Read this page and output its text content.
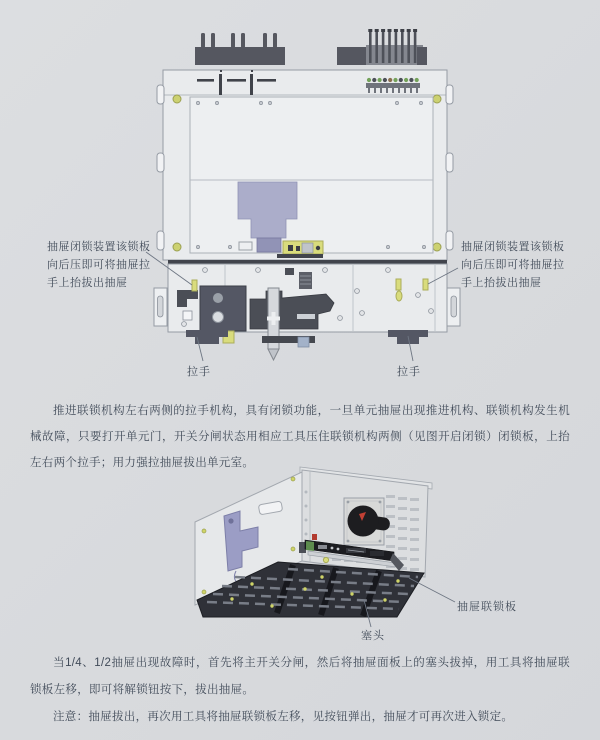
抽屉闭锁装置该锁板
向后压即可将抽屉拉
手上抬拔出抽屉
抽屉闭锁装置该锁板
向后压即可将抽屉拉
手上抬拔出抽屉
拉手	拉手

推进联锁机构左右两侧的拉手机构，具有闭锁功能，一旦单元抽屉出现推进机构、联锁机构发生机械故障，只要打开单元门，开关分闸状态用相应工具压住联锁机构两侧（见图开启闭锁）闭锁板，上抬左右两个拉手；用力强拉抽屉拔出单元室。

塞头
抽屉联锁板

当1/4、1/2抽屉出现故障时，首先将主开关分闸，然后将抽屉面板上的塞头拔掉，用工具将抽屉联锁板左移，即可将解锁钮按下，拔出抽屉。

注意：抽屉拔出，再次用工具将抽屉联锁板左移，见按钮弹出，抽屉才可再次进入锁定。
